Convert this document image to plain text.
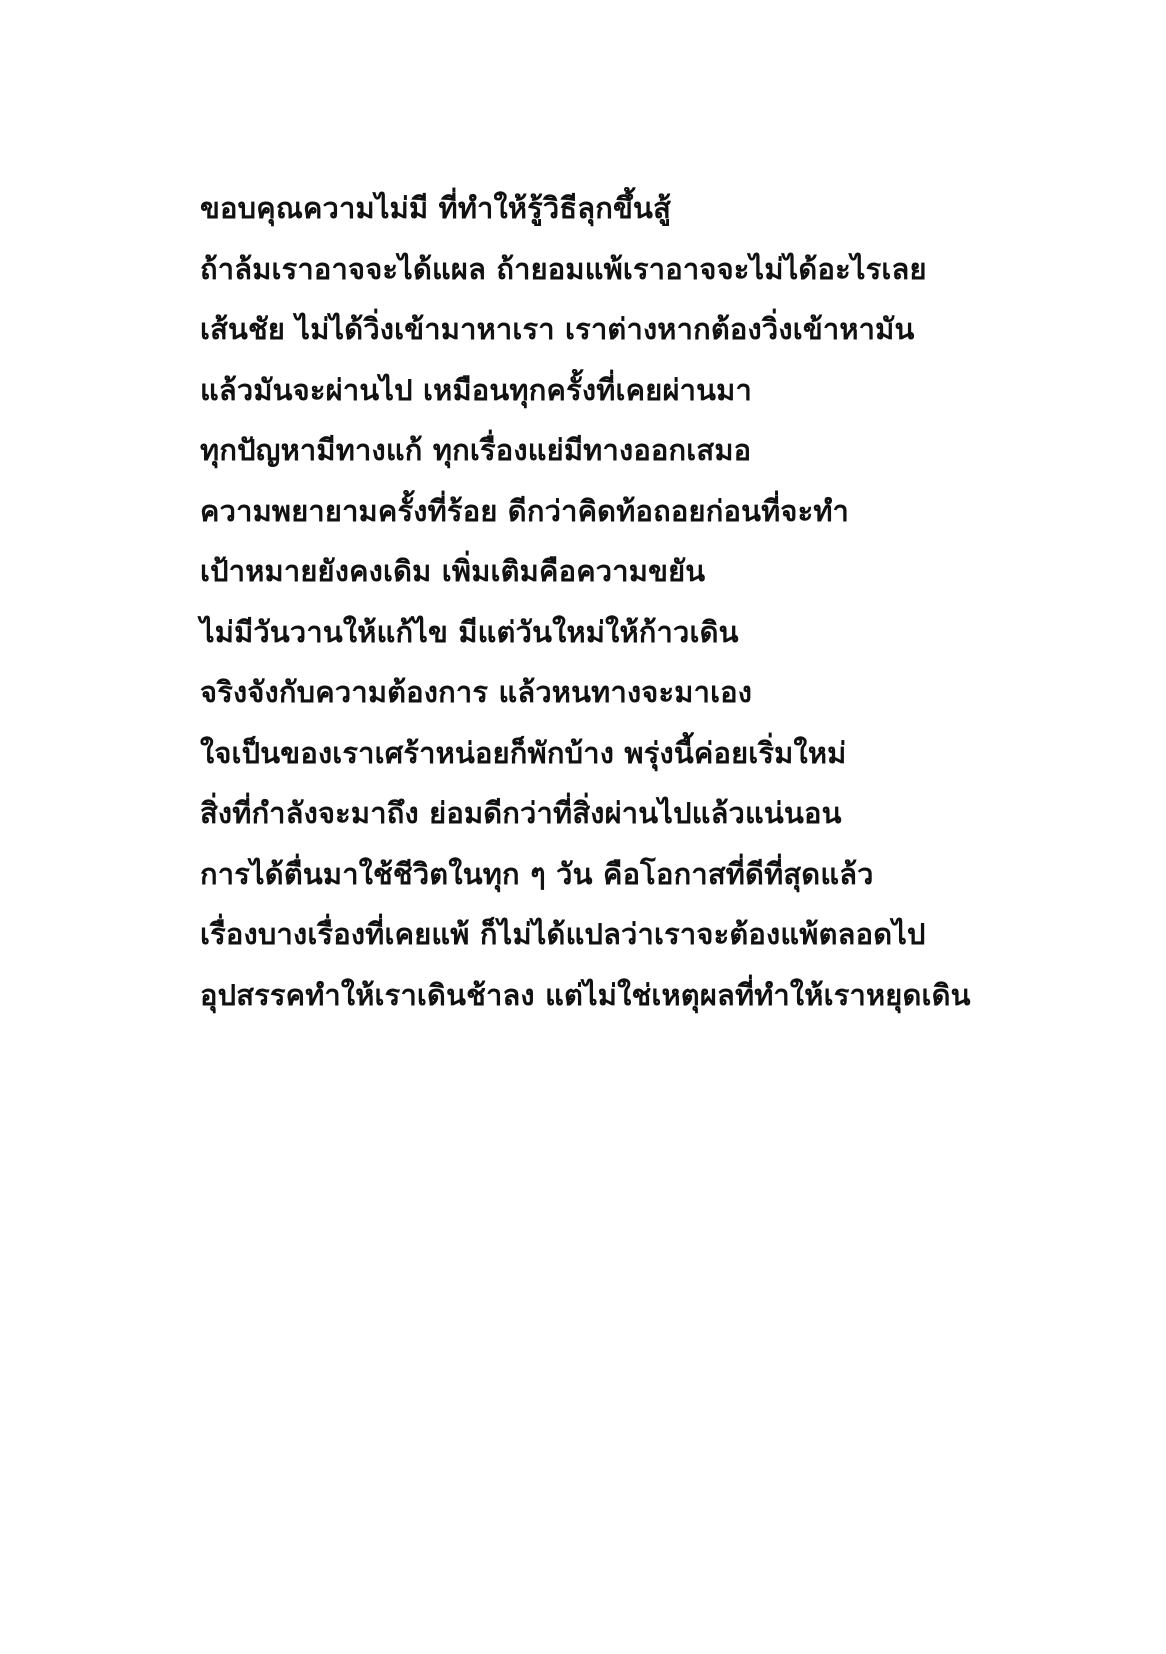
ขอบคุณความไม่มี ที่ทำให้รู้วิธีลุกขึ้นสู้
ถ้าล้มเราอาจจะได้แผล ถ้ายอมแพ้เราอาจจะไม่ได้อะไรเลย
เส้นชัย ไม่ได้วิ่งเข้ามาหาเรา เราต่างหากต้องวิ่งเข้าหามัน
แล้วมันจะผ่านไป เหมือนทุกครั้งที่เคยผ่านมา
ทุกปัญหามีทางแก้ ทุกเรื่องแย่มีทางออกเสมอ
ความพยายามครั้งที่ร้อย ดีกว่าคิดท้อถอยก่อนที่จะทำ
เป้าหมายยังคงเดิม เพิ่มเติมคือความขยัน
ไม่มีวันวานให้แก้ไข มีแต่วันใหม่ให้ก้าวเดิน
จริงจังกับความต้องการ แล้วหนทางจะมาเอง
ใจเป็นของเราเศร้าหน่อยก็พักบ้าง พรุ่งนี้ค่อยเริ่มใหม่
สิ่งที่กำลังจะมาถึง ย่อมดีกว่าที่สิ่งผ่านไปแล้วแน่นอน
การได้ตื่นมาใช้ชีวิตในทุก ๆ วัน คือโอกาสที่ดีที่สุดแล้ว
เรื่องบางเรื่องที่เคยแพ้ ก็ไม่ได้แปลว่าเราจะต้องแพ้ตลอดไป
อุปสรรคทำให้เราเดินช้าลง แต่ไม่ใช่เหตุผลที่ทำให้เราหยุดเดิน
